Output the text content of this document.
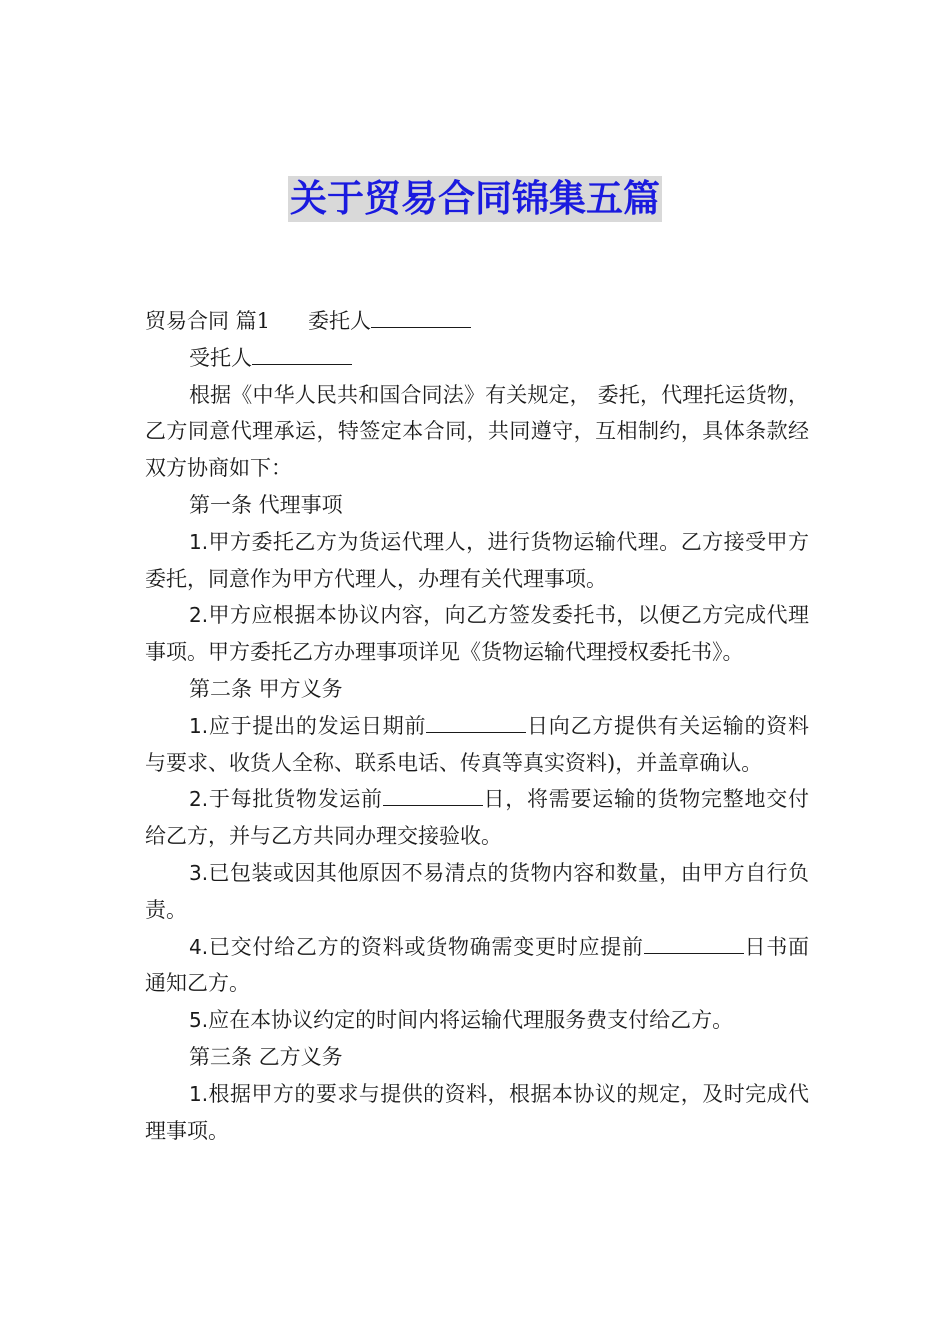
关于贸易合同锦集五篇

贸易合同 篇1 委托人

受托人

根据《中华人民共和国合同法》有关规定， 委托，代理托运货物，乙方同意代理承运，特签定本合同，共同遵守，互相制约，具体条款经双方协商如下：

第一条 代理事项

1.甲方委托乙方为货运代理人，进行货物运输代理。乙方接受甲方委托，同意作为甲方代理人，办理有关代理事项。

2.甲方应根据本协议内容，向乙方签发委托书，以便乙方完成代理事项。甲方委托乙方办理事项详见《货物运输代理授权委托书》。

第二条 甲方义务

1.应于提出的发运日期前	日向乙方提供有关运输的资料与要求、收货人全称、联系电话、传真等真实资料)，并盖章确认。

2.于每批货物发运前	日，将需要运输的货物完整地交付给乙方，并与乙方共同办理交接验收。

3.已包装或因其他原因不易清点的货物内容和数量，由甲方自行负责。

4.已交付给乙方的资料或货物确需变更时应提前	日书面通知乙方。

5.应在本协议约定的时间内将运输代理服务费支付给乙方。

第三条 乙方义务

1.根据甲方的要求与提供的资料，根据本协议的规定，及时完成代理事项。
